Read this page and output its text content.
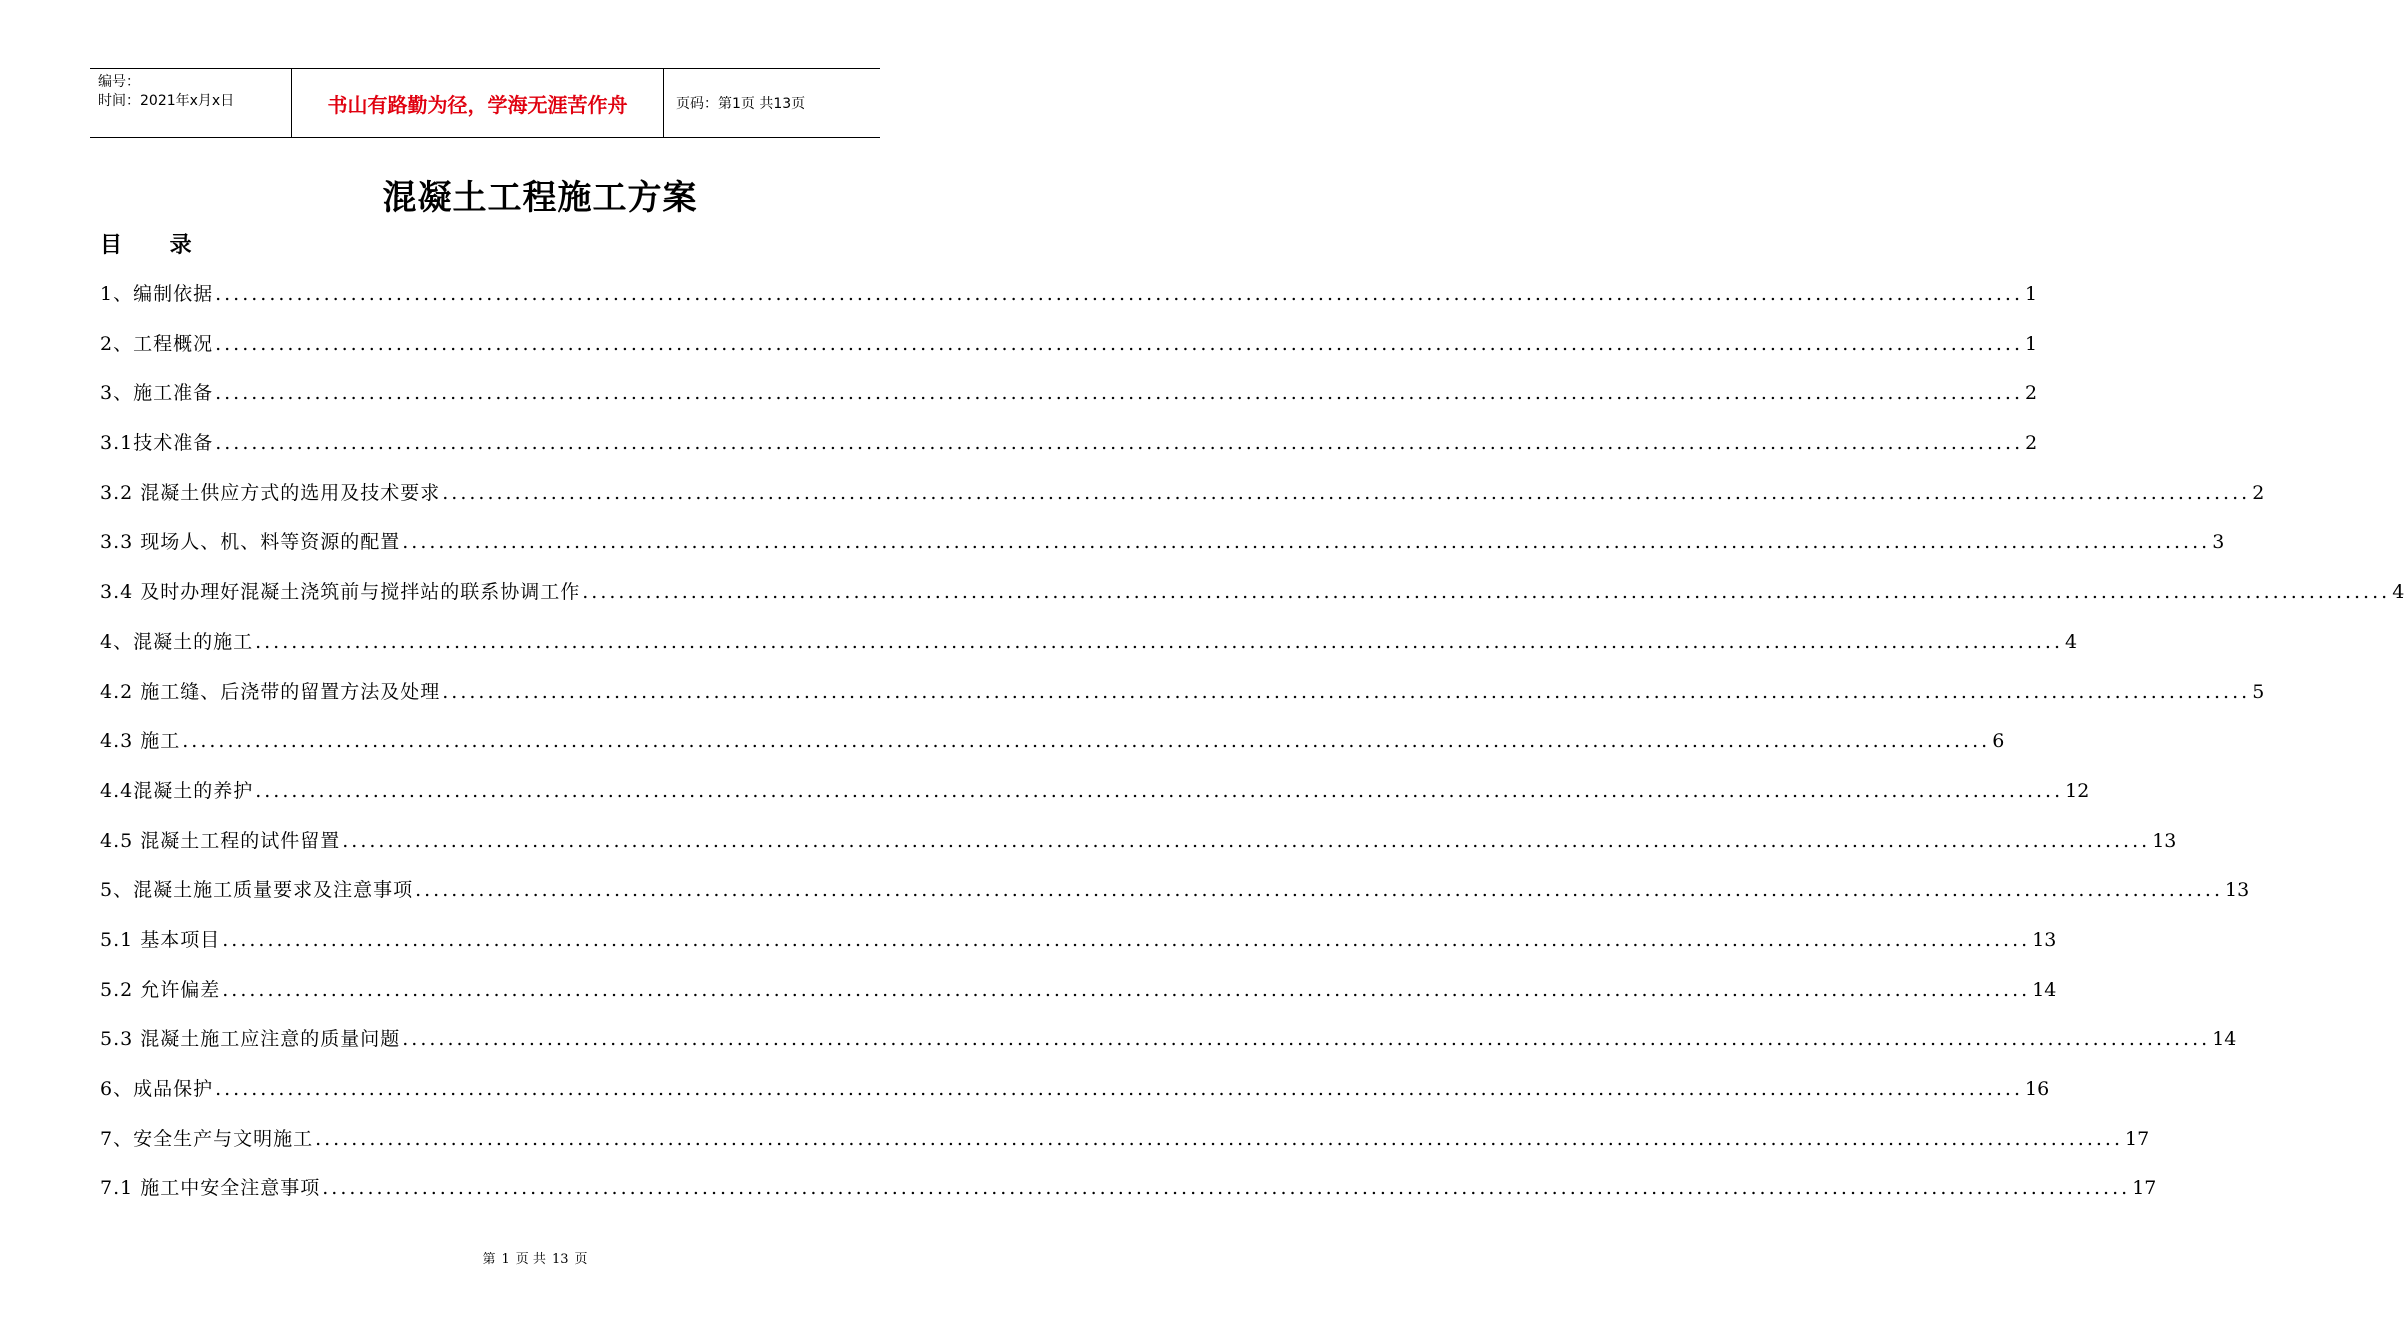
编号：
时间：2021年x月x日	书山有路勤为径，学海无涯苦作舟	页码：第1页 共13页
混凝土工程施工方案
目 录
1、编制依据 ........................................................................................................................................................................................................ 1
2、工程概况 ........................................................................................................................................................................................................ 1
3、施工准备 ........................................................................................................................................................................................................ 2
3.1技术准备 ........................................................................................................................................................................................................ 2
3.2 混凝土供应方式的选用及技术要求 ........................................................................................................................................................................................................ 2
3.3 现场人、机、料等资源的配置 ........................................................................................................................................................................................................ 3
3.4 及时办理好混凝土浇筑前与搅拌站的联系协调工作 ........................................................................................................................................................................................................ 4
4、混凝土的施工 ........................................................................................................................................................................................................ 4
4.2 施工缝、后浇带的留置方法及处理 ........................................................................................................................................................................................................ 5
4.3 施工 ........................................................................................................................................................................................................ 6
4.4混凝土的养护 ........................................................................................................................................................................................................ 12
4.5 混凝土工程的试件留置 ........................................................................................................................................................................................................ 13
5、混凝土施工质量要求及注意事项 ........................................................................................................................................................................................................ 13
5.1 基本项目 ........................................................................................................................................................................................................ 13
5.2 允许偏差 ........................................................................................................................................................................................................ 14
5.3 混凝土施工应注意的质量问题 ........................................................................................................................................................................................................ 14
6、成品保护 ........................................................................................................................................................................................................ 16
7、安全生产与文明施工 ........................................................................................................................................................................................................ 17
7.1 施工中安全注意事项 ........................................................................................................................................................................................................ 17
第 1 页 共 13 页
